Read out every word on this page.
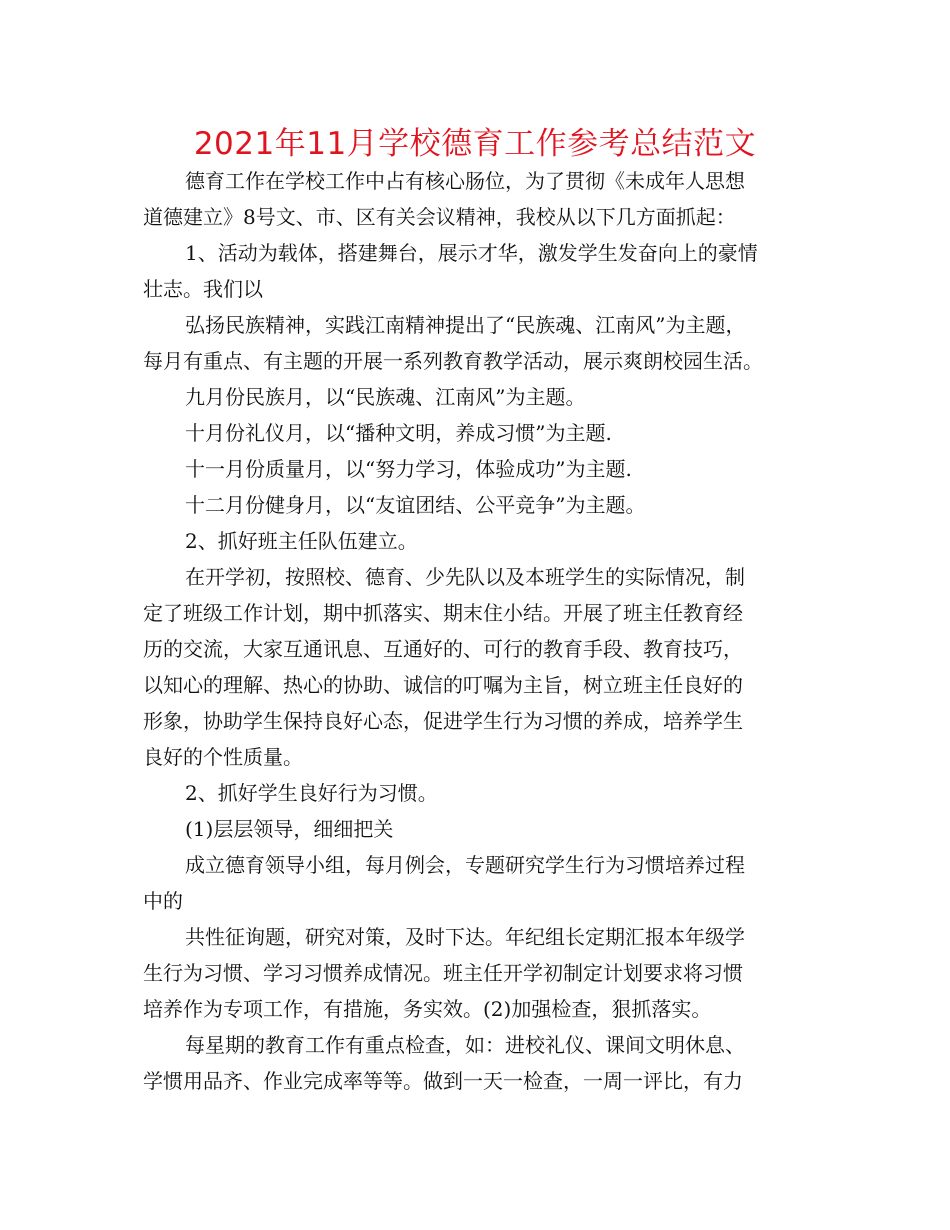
2021年11月学校德育工作参考总结范文
德育工作在学校工作中占有核心肠位，为了贯彻《未成年人思想
道德建立》8号文、市、区有关会议精神，我校从以下几方面抓起：
1、活动为载体，搭建舞台，展示才华，激发学生发奋向上的豪情
壮志。我们以
弘扬民族精神，实践江南精神提出了“民族魂、江南风”为主题，
每月有重点、有主题的开展一系列教育教学活动，展示爽朗校园生活。
九月份民族月，以“民族魂、江南风”为主题。
十月份礼仪月，以“播种文明，养成习惯”为主题.
十一月份质量月，以“努力学习，体验成功”为主题.
十二月份健身月，以“友谊团结、公平竞争”为主题。
2、抓好班主任队伍建立。
在开学初，按照校、德育、少先队以及本班学生的实际情况，制
定了班级工作计划，期中抓落实、期末住小结。开展了班主任教育经
历的交流，大家互通讯息、互通好的、可行的教育手段、教育技巧，
以知心的理解、热心的协助、诚信的叮嘱为主旨，树立班主任良好的
形象，协助学生保持良好心态，促进学生行为习惯的养成，培养学生
良好的个性质量。
2、抓好学生良好行为习惯。
(1)层层领导，细细把关
成立德育领导小组，每月例会，专题研究学生行为习惯培养过程
中的
共性征询题，研究对策，及时下达。年纪组长定期汇报本年级学
生行为习惯、学习习惯养成情况。班主任开学初制定计划要求将习惯
培养作为专项工作，有措施，务实效。(2)加强检查，狠抓落实。
每星期的教育工作有重点检查，如：进校礼仪、课间文明休息、
学惯用品齐、作业完成率等等。做到一天一检查，一周一评比，有力
